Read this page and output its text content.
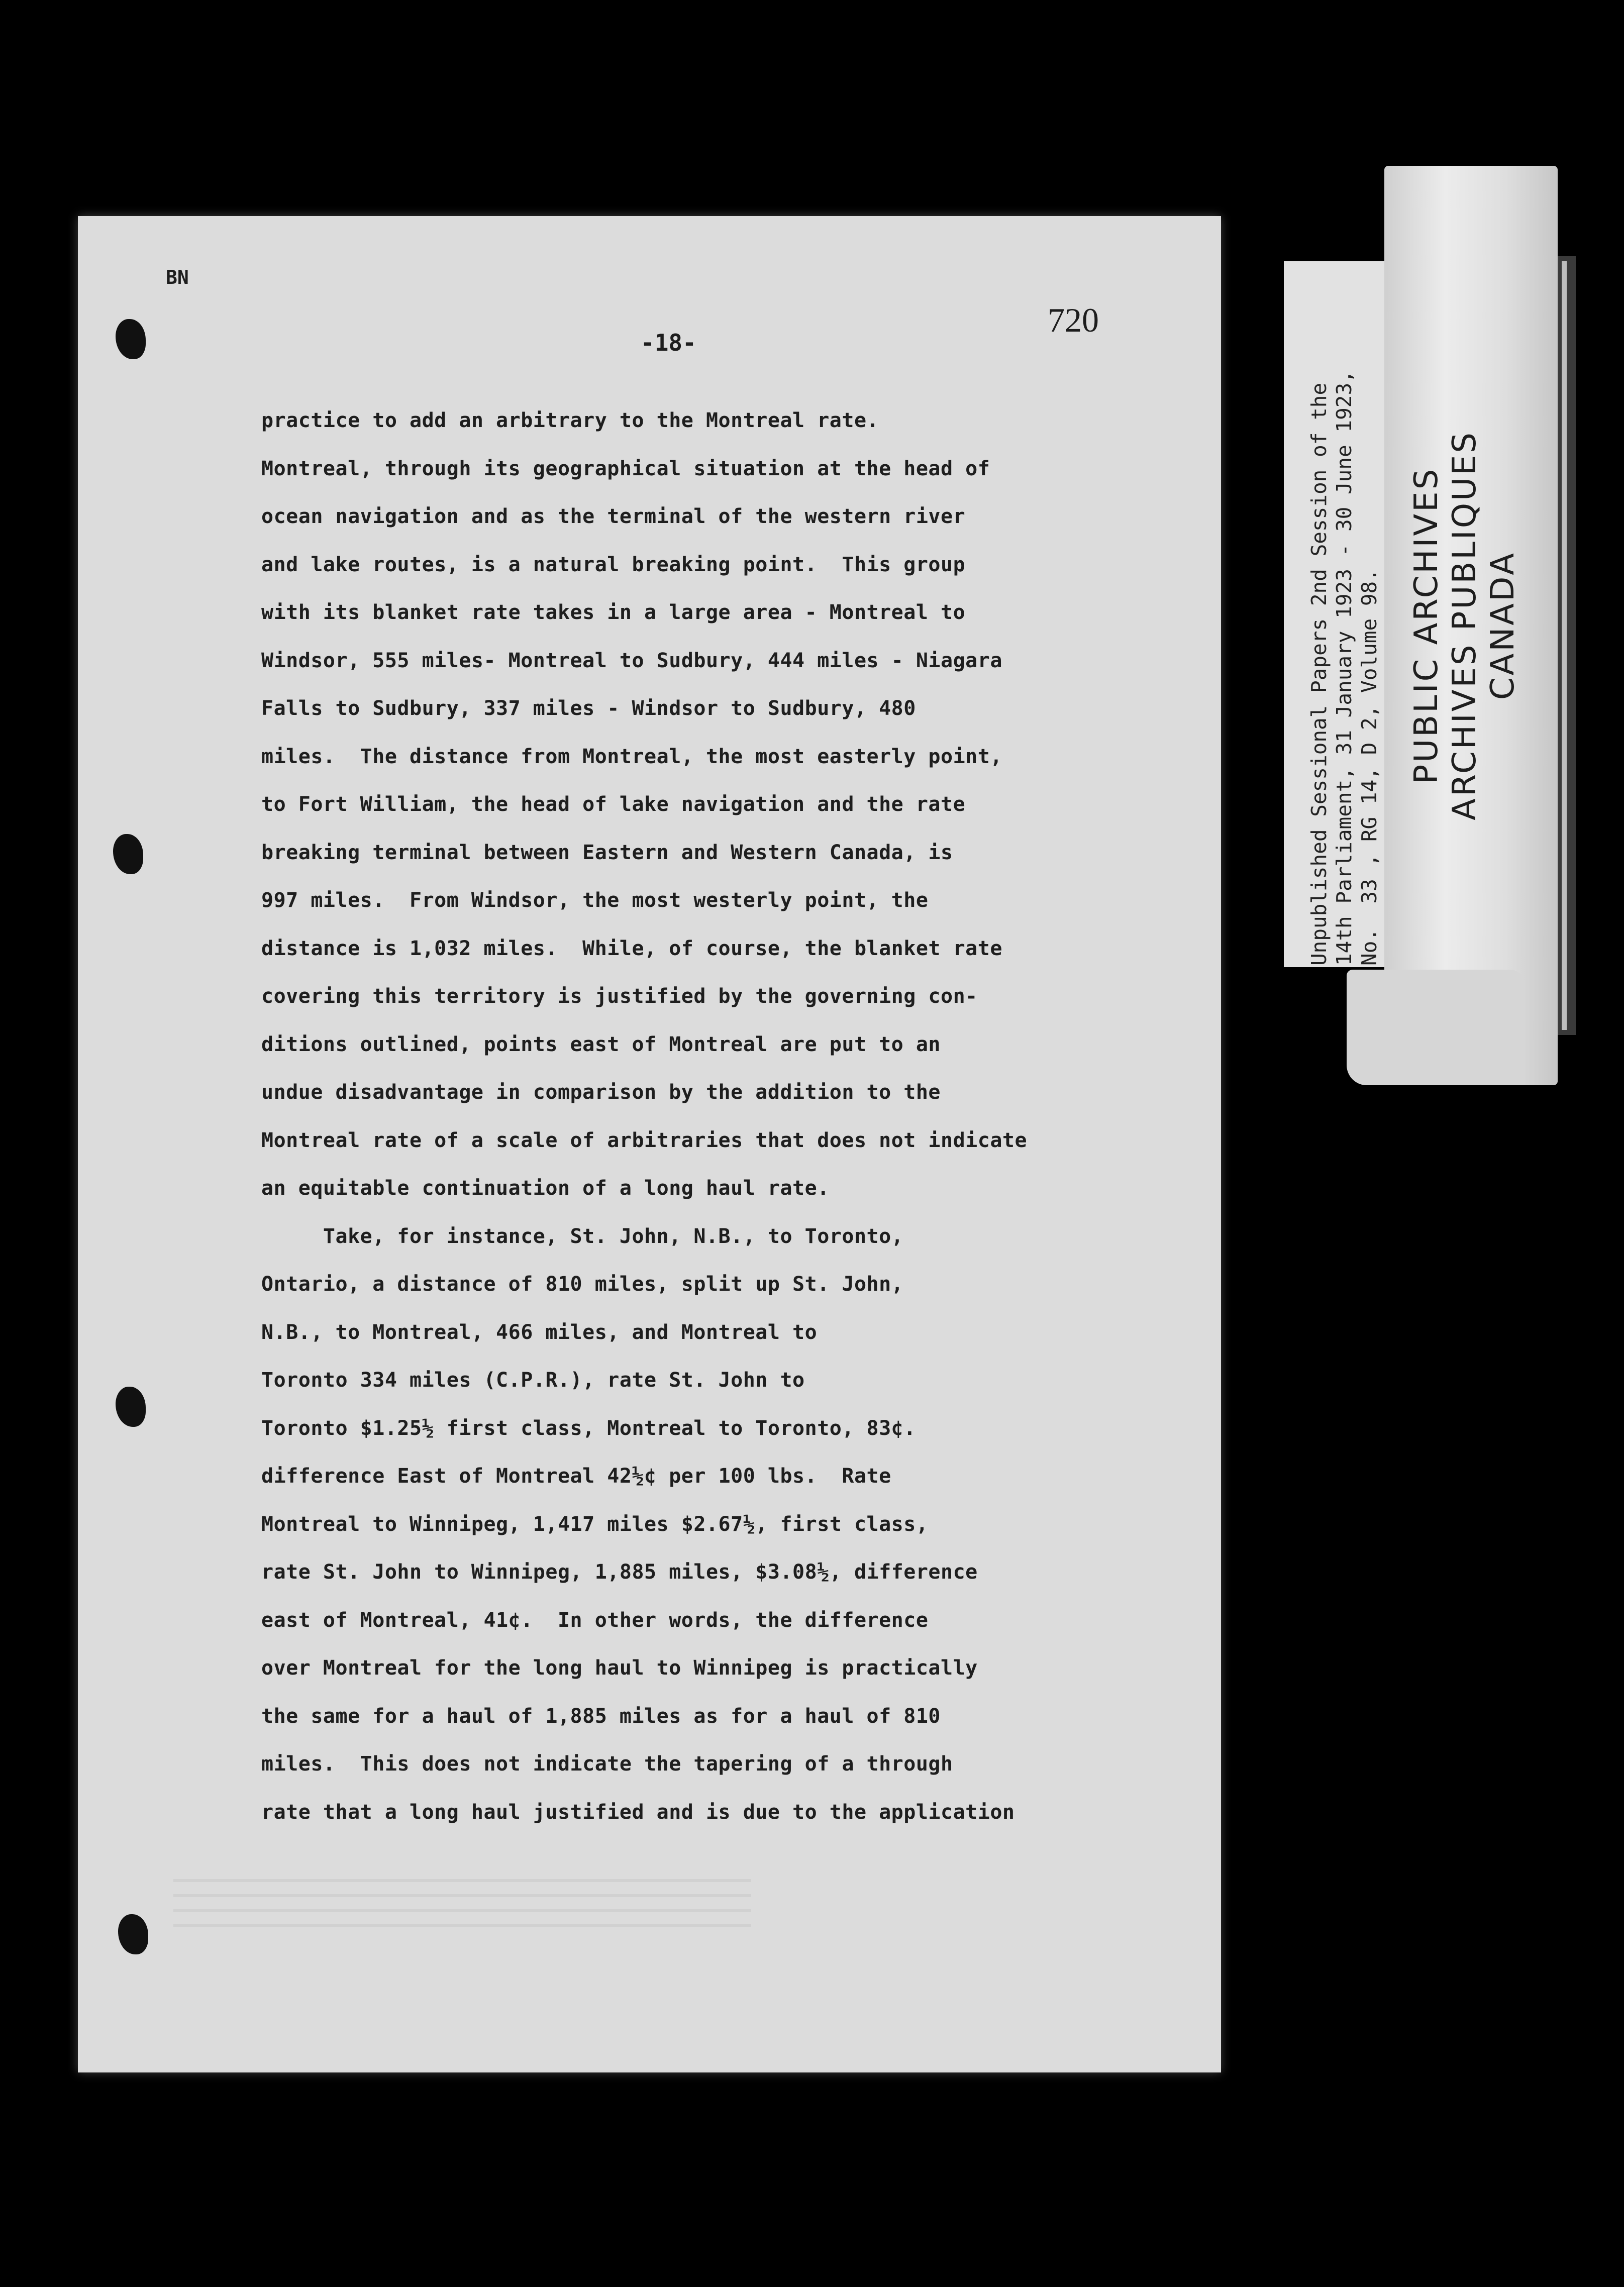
BN

-18-

720

practice to add an arbitrary to the Montreal rate.
Montreal, through its geographical situation at the head of
ocean navigation and as the terminal of the western river
and lake routes, is a natural breaking point.  This group
with its blanket rate takes in a large area - Montreal to
Windsor, 555 miles- Montreal to Sudbury, 444 miles - Niagara
Falls to Sudbury, 337 miles - Windsor to Sudbury, 480
miles.  The distance from Montreal, the most easterly point,
to Fort William, the head of lake navigation and the rate
breaking terminal between Eastern and Western Canada, is
997 miles.  From Windsor, the most westerly point, the
distance is 1,032 miles.  While, of course, the blanket rate
covering this territory is justified by the governing con-
ditions outlined, points east of Montreal are put to an
undue disadvantage in comparison by the addition to the
Montreal rate of a scale of arbitraries that does not indicate
an equitable continuation of a long haul rate.
Take, for instance, St. John, N.B., to Toronto,
Ontario, a distance of 810 miles, split up St. John,
N.B., to Montreal, 466 miles, and Montreal to
Toronto 334 miles (C.P.R.), rate St. John to
Toronto $1.25½ first class, Montreal to Toronto, 83¢.
difference East of Montreal 42½¢ per 100 lbs.  Rate
Montreal to Winnipeg, 1,417 miles $2.67½, first class,
rate St. John to Winnipeg, 1,885 miles, $3.08½, difference
east of Montreal, 41¢.  In other words, the difference
over Montreal for the long haul to Winnipeg is practically
the same for a haul of 1,885 miles as for a haul of 810
miles.  This does not indicate the tapering of a through
rate that a long haul justified and is due to the application
Unpublished Sessional Papers 2nd Session of the 14th Parliament, 31 January 1923 - 30 June 1923, No.  33 , RG 14, D 2, Volume 98. PUBLIC ARCHIVES ARCHIVES PUBLIQUES CANADA
